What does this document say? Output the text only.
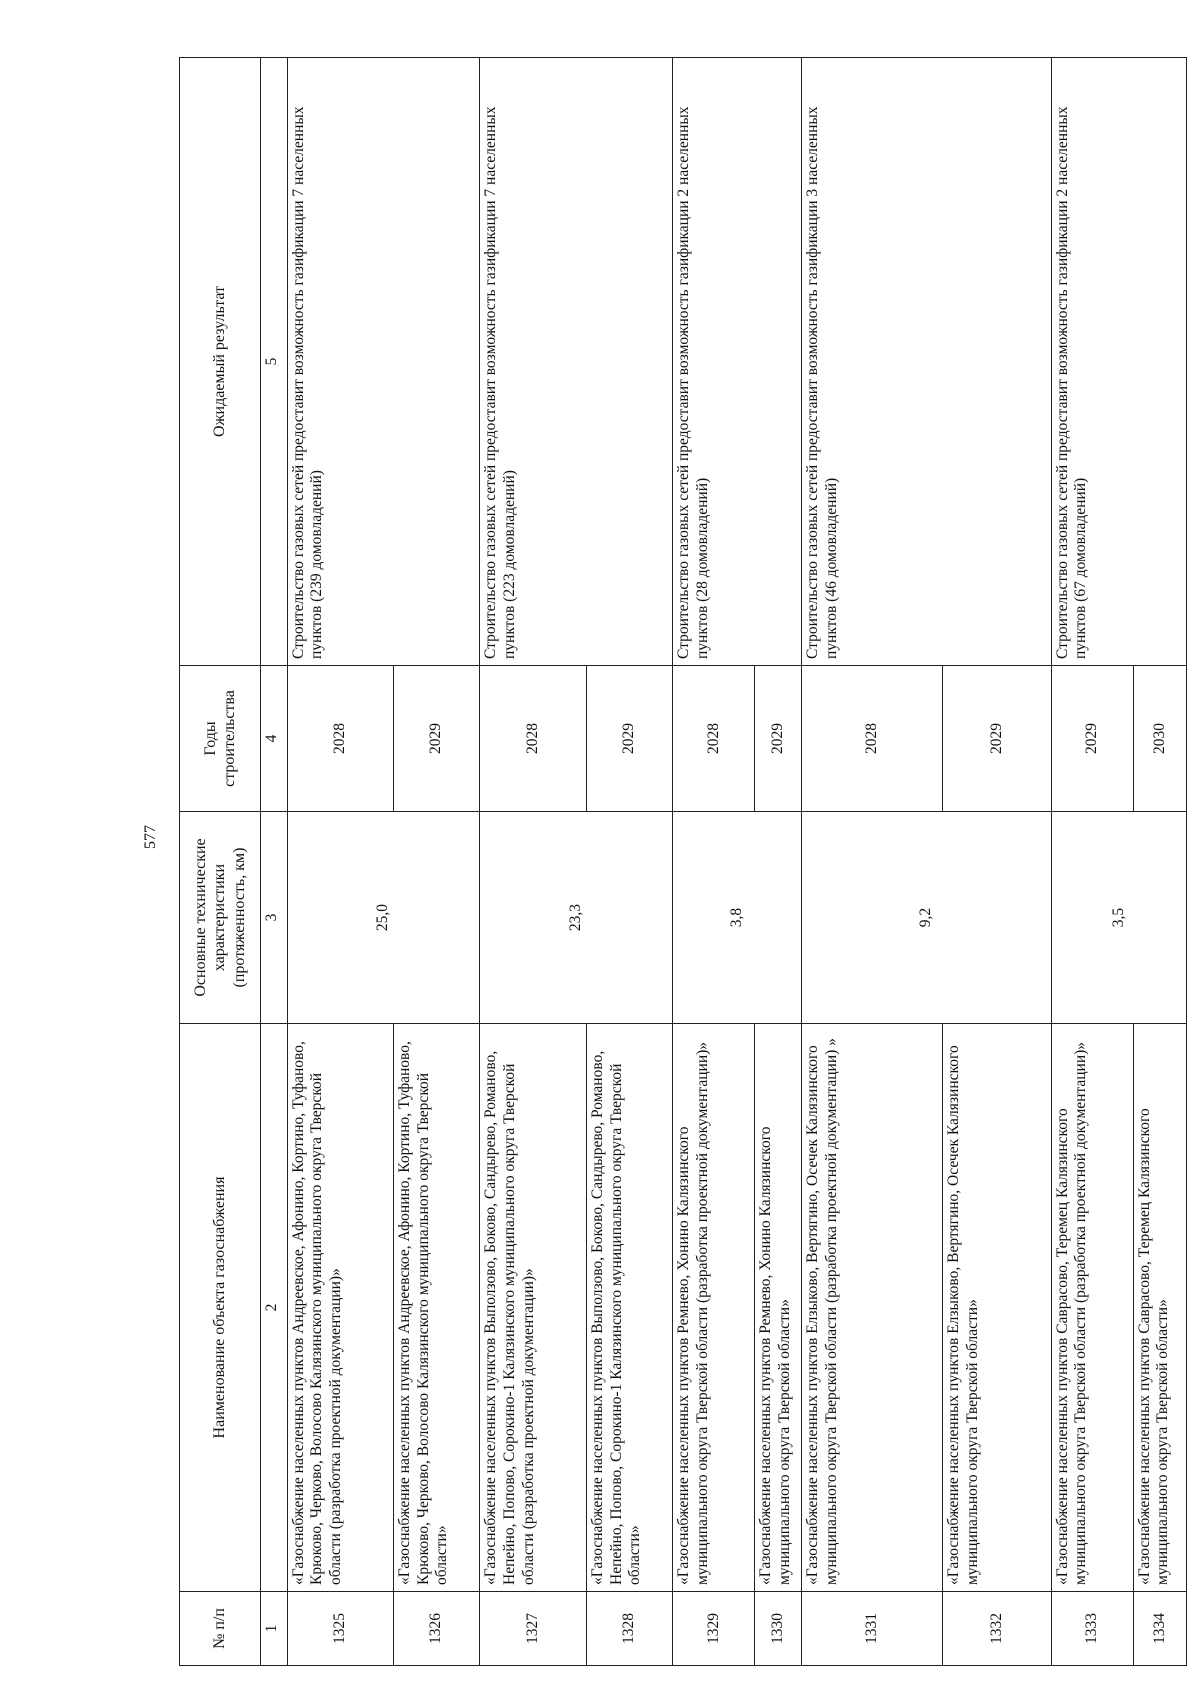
577
№ п/п	Наименование объекта газоснабжения	Основные технические характеристики (протяженность, км)	Годы строительства	Ожидаемый результат
1	2	3	4	5
1325	«Газоснабжение населенных пунктов Андреевское, Афонино, Кортино, Туфаново, Крюково, Черково, Волосово Калязинского муниципального округа Тверской области (разработка проектной документации)»	25,0	2028	Строительство газовых сетей предоставит возможность газификации 7 населенных пунктов (239 домовладений)
1326	«Газоснабжение населенных пунктов Андреевское, Афонино, Кортино, Туфаново, Крюково, Черково, Волосово Калязинского муниципального округа Тверской области»		2029	
1327	«Газоснабжение населенных пунктов Выползово, Боково, Сандырево, Романово, Непейно, Попово, Сорокино-1 Калязинского муниципального округа Тверской области (разработка проектной документации)»	23,3	2028	Строительство газовых сетей предоставит возможность газификации 7 населенных пунктов (223 домовладений)
1328	«Газоснабжение населенных пунктов Выползово, Боково, Сандырево, Романово, Непейно, Попово, Сорокино-1 Калязинского муниципального округа Тверской области»		2029	
1329	«Газоснабжение населенных пунктов Ремнево, Хонино Калязинского муниципального округа Тверской области (разработка проектной документации)»	3,8	2028	Строительство газовых сетей предоставит возможность газификации 2 населенных пунктов (28 домовладений)
1330	«Газоснабжение населенных пунктов Ремнево, Хонино Калязинского муниципального округа Тверской области»		2029	
1331	«Газоснабжение населенных пунктов Елзыково, Вертягино, Осечек Калязинского муниципального округа Тверской области (разработка проектной документации) »	9,2	2028	Строительство газовых сетей предоставит возможность газификации 3 населенных пунктов (46 домовладений)
1332	«Газоснабжение населенных пунктов Елзыково, Вертягино, Осечек Калязинского муниципального округа Тверской области»		2029	
1333	«Газоснабжение населенных пунктов Савраcово, Теремец Калязинского муниципального округа Тверской области (разработка проектной документации)»	3,5	2029	Строительство газовых сетей предоставит возможность газификации 2 населенных пунктов (67 домовладений)
1334	«Газоснабжение населенных пунктов Савраcово, Теремец Калязинского муниципального округа Тверской области»		2030	
